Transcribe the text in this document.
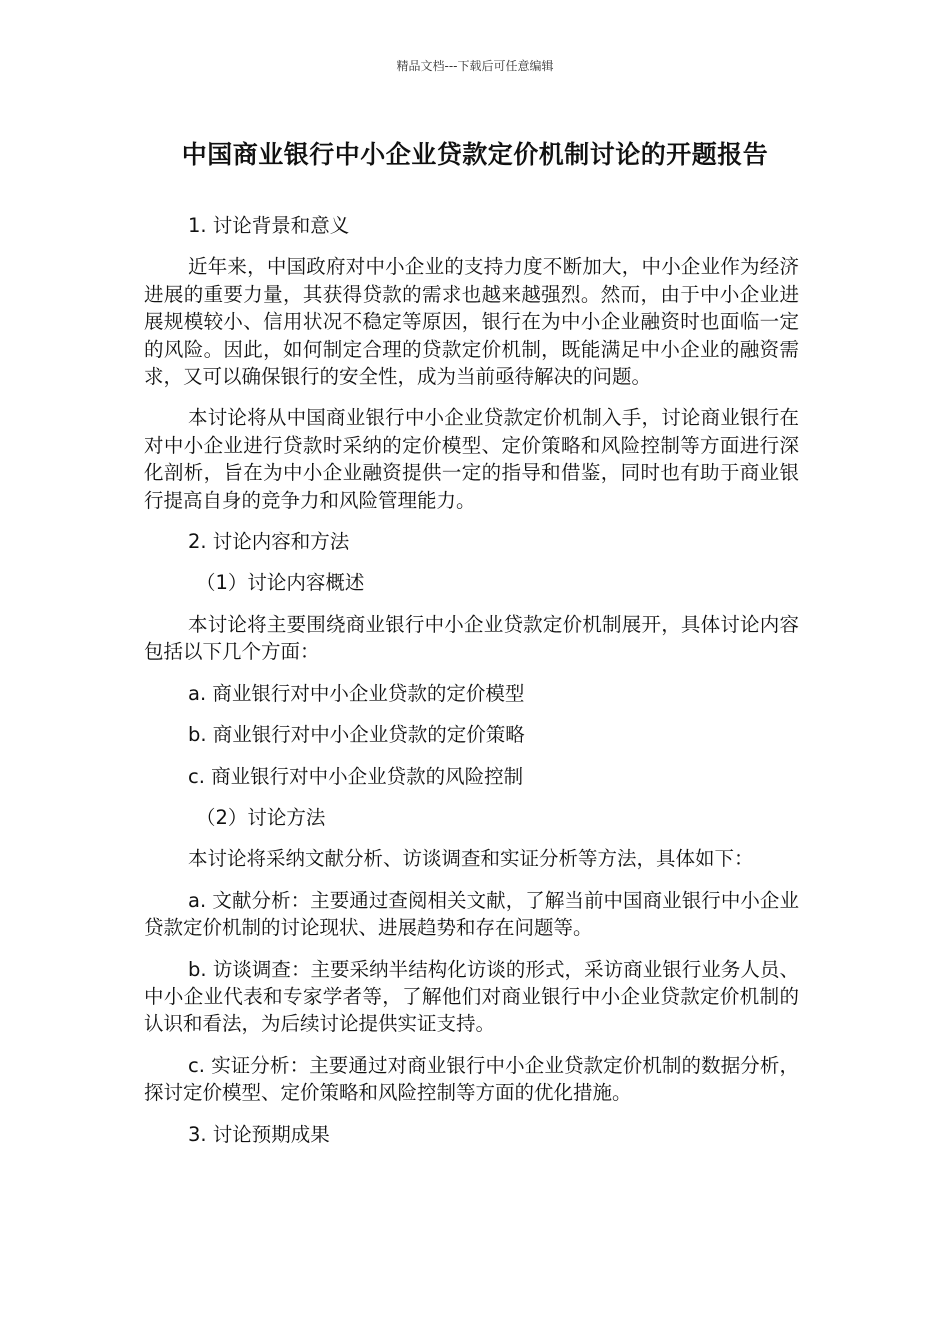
精品文档---下载后可任意编辑
中国商业银行中小企业贷款定价机制讨论的开题报告

1. 讨论背景和意义

近年来，中国政府对中小企业的支持力度不断加大，中小企业作为经济进展的重要力量，其获得贷款的需求也越来越强烈。然而，由于中小企业进展规模较小、信用状况不稳定等原因，银行在为中小企业融资时也面临一定的风险。因此，如何制定合理的贷款定价机制，既能满足中小企业的融资需求，又可以确保银行的安全性，成为当前亟待解决的问题。

本讨论将从中国商业银行中小企业贷款定价机制入手，讨论商业银行在对中小企业进行贷款时采纳的定价模型、定价策略和风险控制等方面进行深化剖析，旨在为中小企业融资提供一定的指导和借鉴，同时也有助于商业银行提高自身的竞争力和风险管理能力。

2. 讨论内容和方法

（1）讨论内容概述

本讨论将主要围绕商业银行中小企业贷款定价机制展开，具体讨论内容包括以下几个方面：

a. 商业银行对中小企业贷款的定价模型

b. 商业银行对中小企业贷款的定价策略

c. 商业银行对中小企业贷款的风险控制

（2）讨论方法

本讨论将采纳文献分析、访谈调查和实证分析等方法，具体如下：

a. 文献分析：主要通过查阅相关文献，了解当前中国商业银行中小企业贷款定价机制的讨论现状、进展趋势和存在问题等。

b. 访谈调查：主要采纳半结构化访谈的形式，采访商业银行业务人员、中小企业代表和专家学者等，了解他们对商业银行中小企业贷款定价机制的认识和看法，为后续讨论提供实证支持。

c. 实证分析：主要通过对商业银行中小企业贷款定价机制的数据分析，探讨定价模型、定价策略和风险控制等方面的优化措施。

3. 讨论预期成果
